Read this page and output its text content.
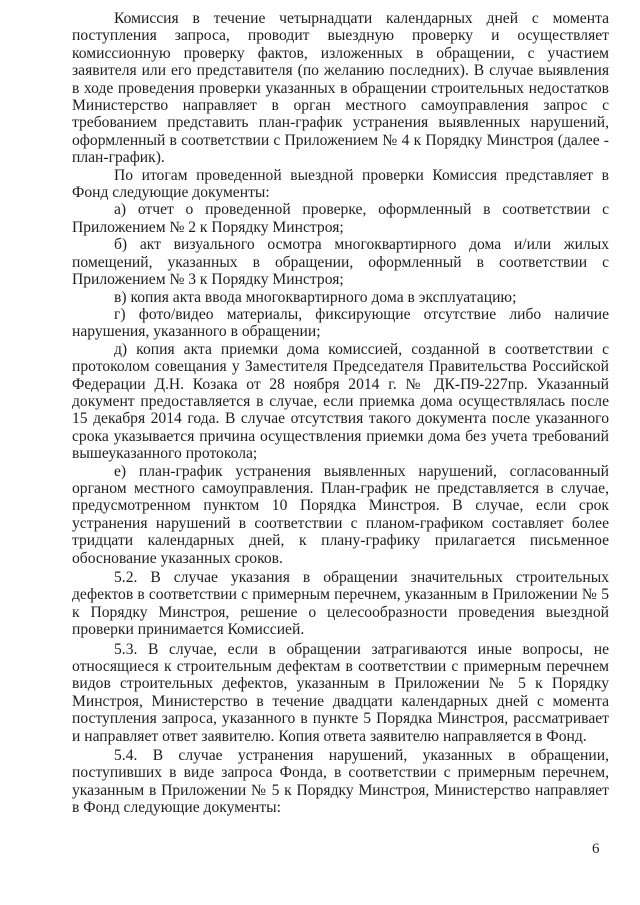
Комиссия в течение четырнадцати календарных дней с момента поступления запроса, проводит выездную проверку и осуществляет комиссионную проверку фактов, изложенных в обращении, с участием заявителя или его представителя (по желанию последних). В случае выявления в ходе проведения проверки указанных в обращении строительных недостатков Министерство направляет в орган местного самоуправления запрос с требованием представить план-график устранения выявленных нарушений, оформленный в соответствии с Приложением № 4 к Порядку Минстроя (далее - план-график).

По итогам проведенной выездной проверки Комиссия представляет в Фонд следующие документы:

а) отчет о проведенной проверке, оформленный в соответствии с Приложением № 2 к Порядку Минстроя;

б) акт визуального осмотра многоквартирного дома и/или жилых помещений, указанных в обращении, оформленный в соответствии с Приложением № 3 к Порядку Минстроя;

в) копия акта ввода многоквартирного дома в эксплуатацию;

г) фото/видео материалы, фиксирующие отсутствие либо наличие нарушения, указанного в обращении;

д) копия акта приемки дома комиссией, созданной в соответствии с протоколом совещания у Заместителя Председателя Правительства Российской Федерации Д.Н. Козака от 28 ноября 2014 г. № ДК-П9-227пр. Указанный документ предоставляется в случае, если приемка дома осуществлялась после 15 декабря 2014 года. В случае отсутствия такого документа после указанного срока указывается причина осуществления приемки дома без учета требований вышеуказанного протокола;

е) план-график устранения выявленных нарушений, согласованный органом местного самоуправления. План-график не представляется в случае, предусмотренном пунктом 10 Порядка Минстроя. В случае, если срок устранения нарушений в соответствии с планом-графиком составляет более тридцати календарных дней, к плану-графику прилагается письменное обоснование указанных сроков.

5.2. В случае указания в обращении значительных строительных дефектов в соответствии с примерным перечнем, указанным в Приложении № 5 к Порядку Минстроя, решение о целесообразности проведения выездной проверки принимается Комиссией.

5.3. В случае, если в обращении затрагиваются иные вопросы, не относящиеся к строительным дефектам в соответствии с примерным перечнем видов строительных дефектов, указанным в Приложении № 5 к Порядку Минстроя, Министерство в течение двадцати календарных дней с момента поступления запроса, указанного в пункте 5 Порядка Минстроя, рассматривает и направляет ответ заявителю. Копия ответа заявителю направляется в Фонд.

5.4. В случае устранения нарушений, указанных в обращении, поступивших в виде запроса Фонда, в соответствии с примерным перечнем, указанным в Приложении № 5 к Порядку Минстроя, Министерство направляет в Фонд следующие документы:

6
